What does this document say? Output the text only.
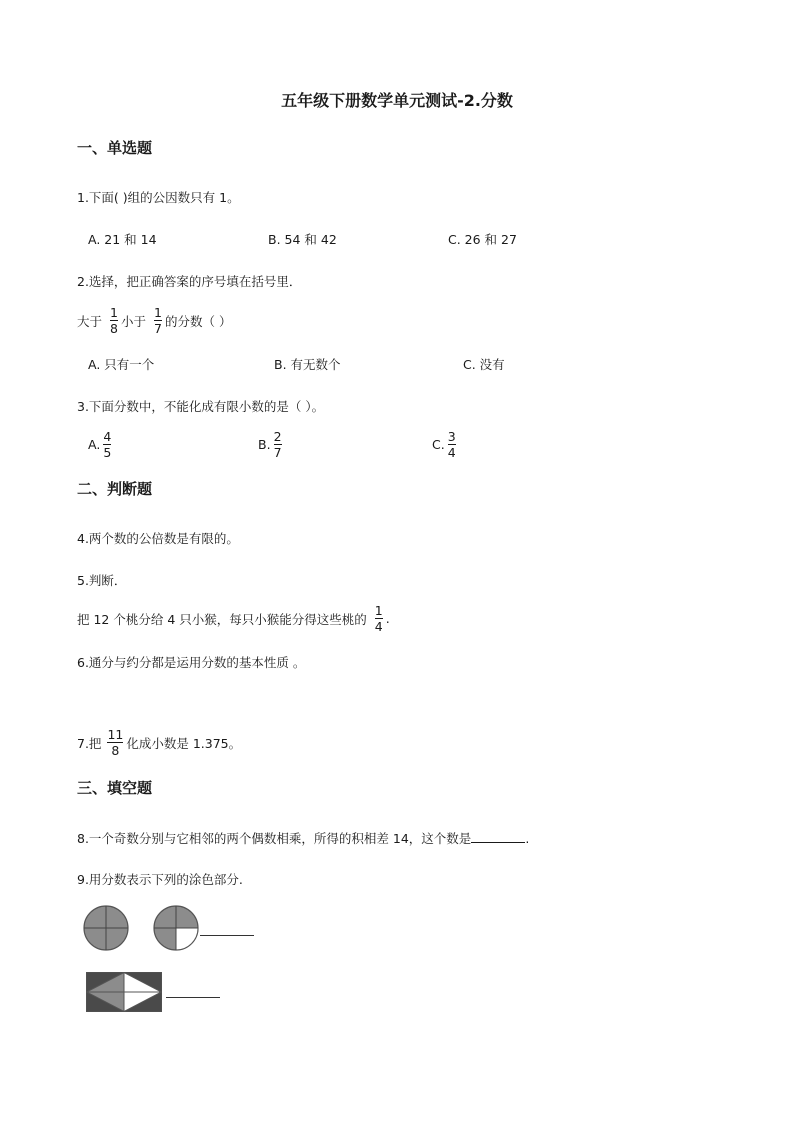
五年级下册数学单元测试-2.分数
一、单选题
1.下面( )组的公因数只有 1。
A. 21 和 14	B. 54 和 42	C. 26 和 27
2.选择，把正确答案的序号填在括号里．
大于 $\frac{1}{8}$ 小于 $\frac{1}{7}$ 的分数（ ）
A. 只有一个	B. 有无数个	C. 没有
3.下面分数中，不能化成有限小数的是（ ）。
A. $\frac{4}{5}$	B. $\frac{2}{7}$	C. $\frac{3}{4}$
二、判断题
4.两个数的公倍数是有限的。
5.判断．
把 12 个桃分给 4 只小猴，每只小猴能分得这些桃的 $\frac{1}{4}$ .
6.通分与约分都是运用分数的基本性质 。
7.把 $\frac{11}{8}$ 化成小数是 1.375。
三、填空题
8.一个奇数分别与它相邻的两个偶数相乘，所得的积相差 14，这个数是	.
9.用分数表示下列的涂色部分.
